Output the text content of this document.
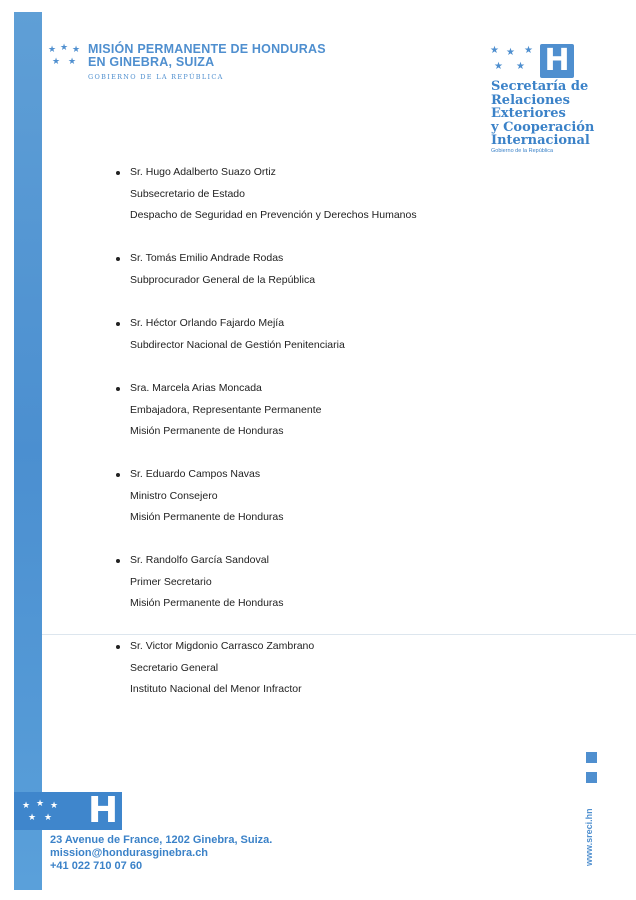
★ ★ ★
★ ★ H
★ ★ ★
★ ★
MISIÓN PERMANENTE DE HONDURAS
EN GINEBRA, SUIZA
GOBIERNO DE LA REPÚBLICA
★ ★ ★
★ ★ H
Secretaría de
Relaciones
Exteriores
y Cooperación
Internacional
Gobierno de la República
Sr. Hugo Adalberto Suazo Ortiz
Subsecretario de Estado
Despacho de Seguridad en Prevención y Derechos Humanos
Sr. Tomás Emilio Andrade Rodas
Subprocurador General de la República
Sr. Héctor Orlando Fajardo Mejía
Subdirector Nacional de Gestión Penitenciaria
Sra. Marcela Arias Moncada
Embajadora, Representante Permanente
Misión Permanente de Honduras
Sr. Eduardo Campos Navas
Ministro Consejero
Misión Permanente de Honduras
Sr. Randolfo García Sandoval
Primer Secretario
Misión Permanente de Honduras
Sr. Victor Migdonio Carrasco Zambrano
Secretario General
Instituto Nacional del Menor Infractor
23 Avenue de France, 1202 Ginebra, Suiza.
mission@hondurasginebra.ch
+41 022 710 07 60	www.sreci.hn
